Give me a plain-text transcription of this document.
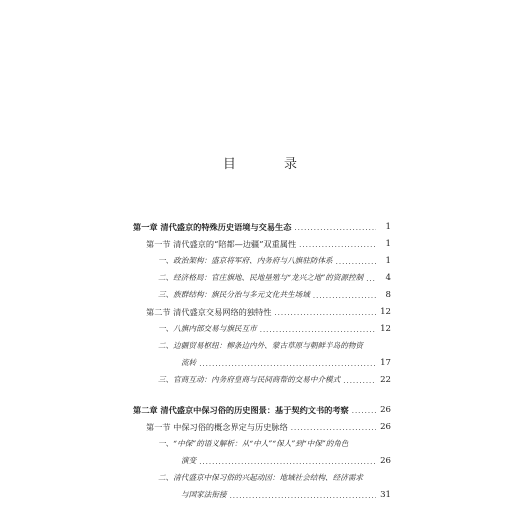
目 录
第一章 清代盛京的特殊历史语境与交易生态 ·····	1
第一节 清代盛京的“陪都—边疆”双重属性 ·····	1
一、政治架构：盛京将军府、内务府与八旗驻防体系 ·····	1
二、经济格局：官庄旗地、民地垦殖与“龙兴之地”的资源控制 ·····	4
三、族群结构：旗民分治与多元文化共生场域 ·····	8
第二节 清代盛京交易网络的独特性 ·····	12
一、八旗内部交易与旗民互市 ·····	12
二、边疆贸易枢纽：柳条边内外、蒙古草原与朝鲜半岛的物资
流转 ·····	17
三、官商互动：内务府皇商与民间商帮的交易中介模式 ·····	22
第二章 清代盛京中保习俗的历史图景：基于契约文书的考察 ·····	26
第一节 中保习俗的概念界定与历史脉络 ·····	26
一、“中保”的语义解析：从“中人”“保人”到“中保”的角色
演变 ·····	26
二、清代盛京中保习俗的兴起动因：地域社会结构、经济需求
与国家法衔接 ·····	31
